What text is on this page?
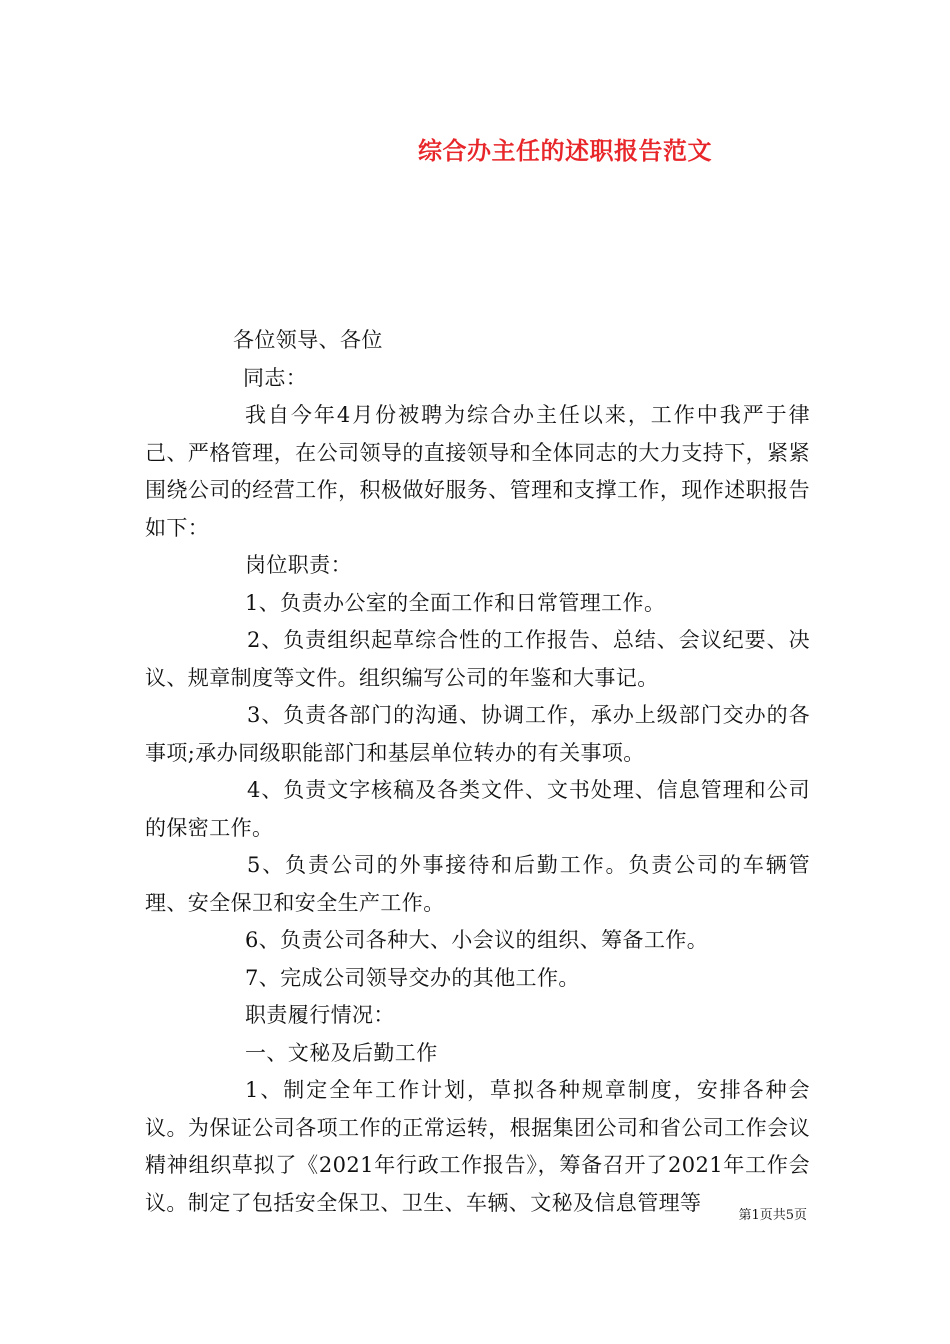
综合办主任的述职报告范文

各位领导、各位

同志：

我自今年4月份被聘为综合办主任以来，工作中我严于律己、严格管理，在公司领导的直接领导和全体同志的大力支持下，紧紧围绕公司的经营工作，积极做好服务、管理和支撑工作，现作述职报告如下：

岗位职责：

1、负责办公室的全面工作和日常管理工作。

2、负责组织起草综合性的工作报告、总结、会议纪要、决议、规章制度等文件。组织编写公司的年鉴和大事记。

3、负责各部门的沟通、协调工作，承办上级部门交办的各事项;承办同级职能部门和基层单位转办的有关事项。

4、负责文字核稿及各类文件、文书处理、信息管理和公司的保密工作。

5、负责公司的外事接待和后勤工作。负责公司的车辆管理、安全保卫和安全生产工作。

6、负责公司各种大、小会议的组织、筹备工作。

7、完成公司领导交办的其他工作。

职责履行情况：

一、文秘及后勤工作

1、制定全年工作计划，草拟各种规章制度，安排各种会议。为保证公司各项工作的正常运转，根据集团公司和省公司工作会议精神组织草拟了《2021年行政工作报告》，筹备召开了2021年工作会议。制定了包括安全保卫、卫生、车辆、文秘及信息管理等

第1页共5页
